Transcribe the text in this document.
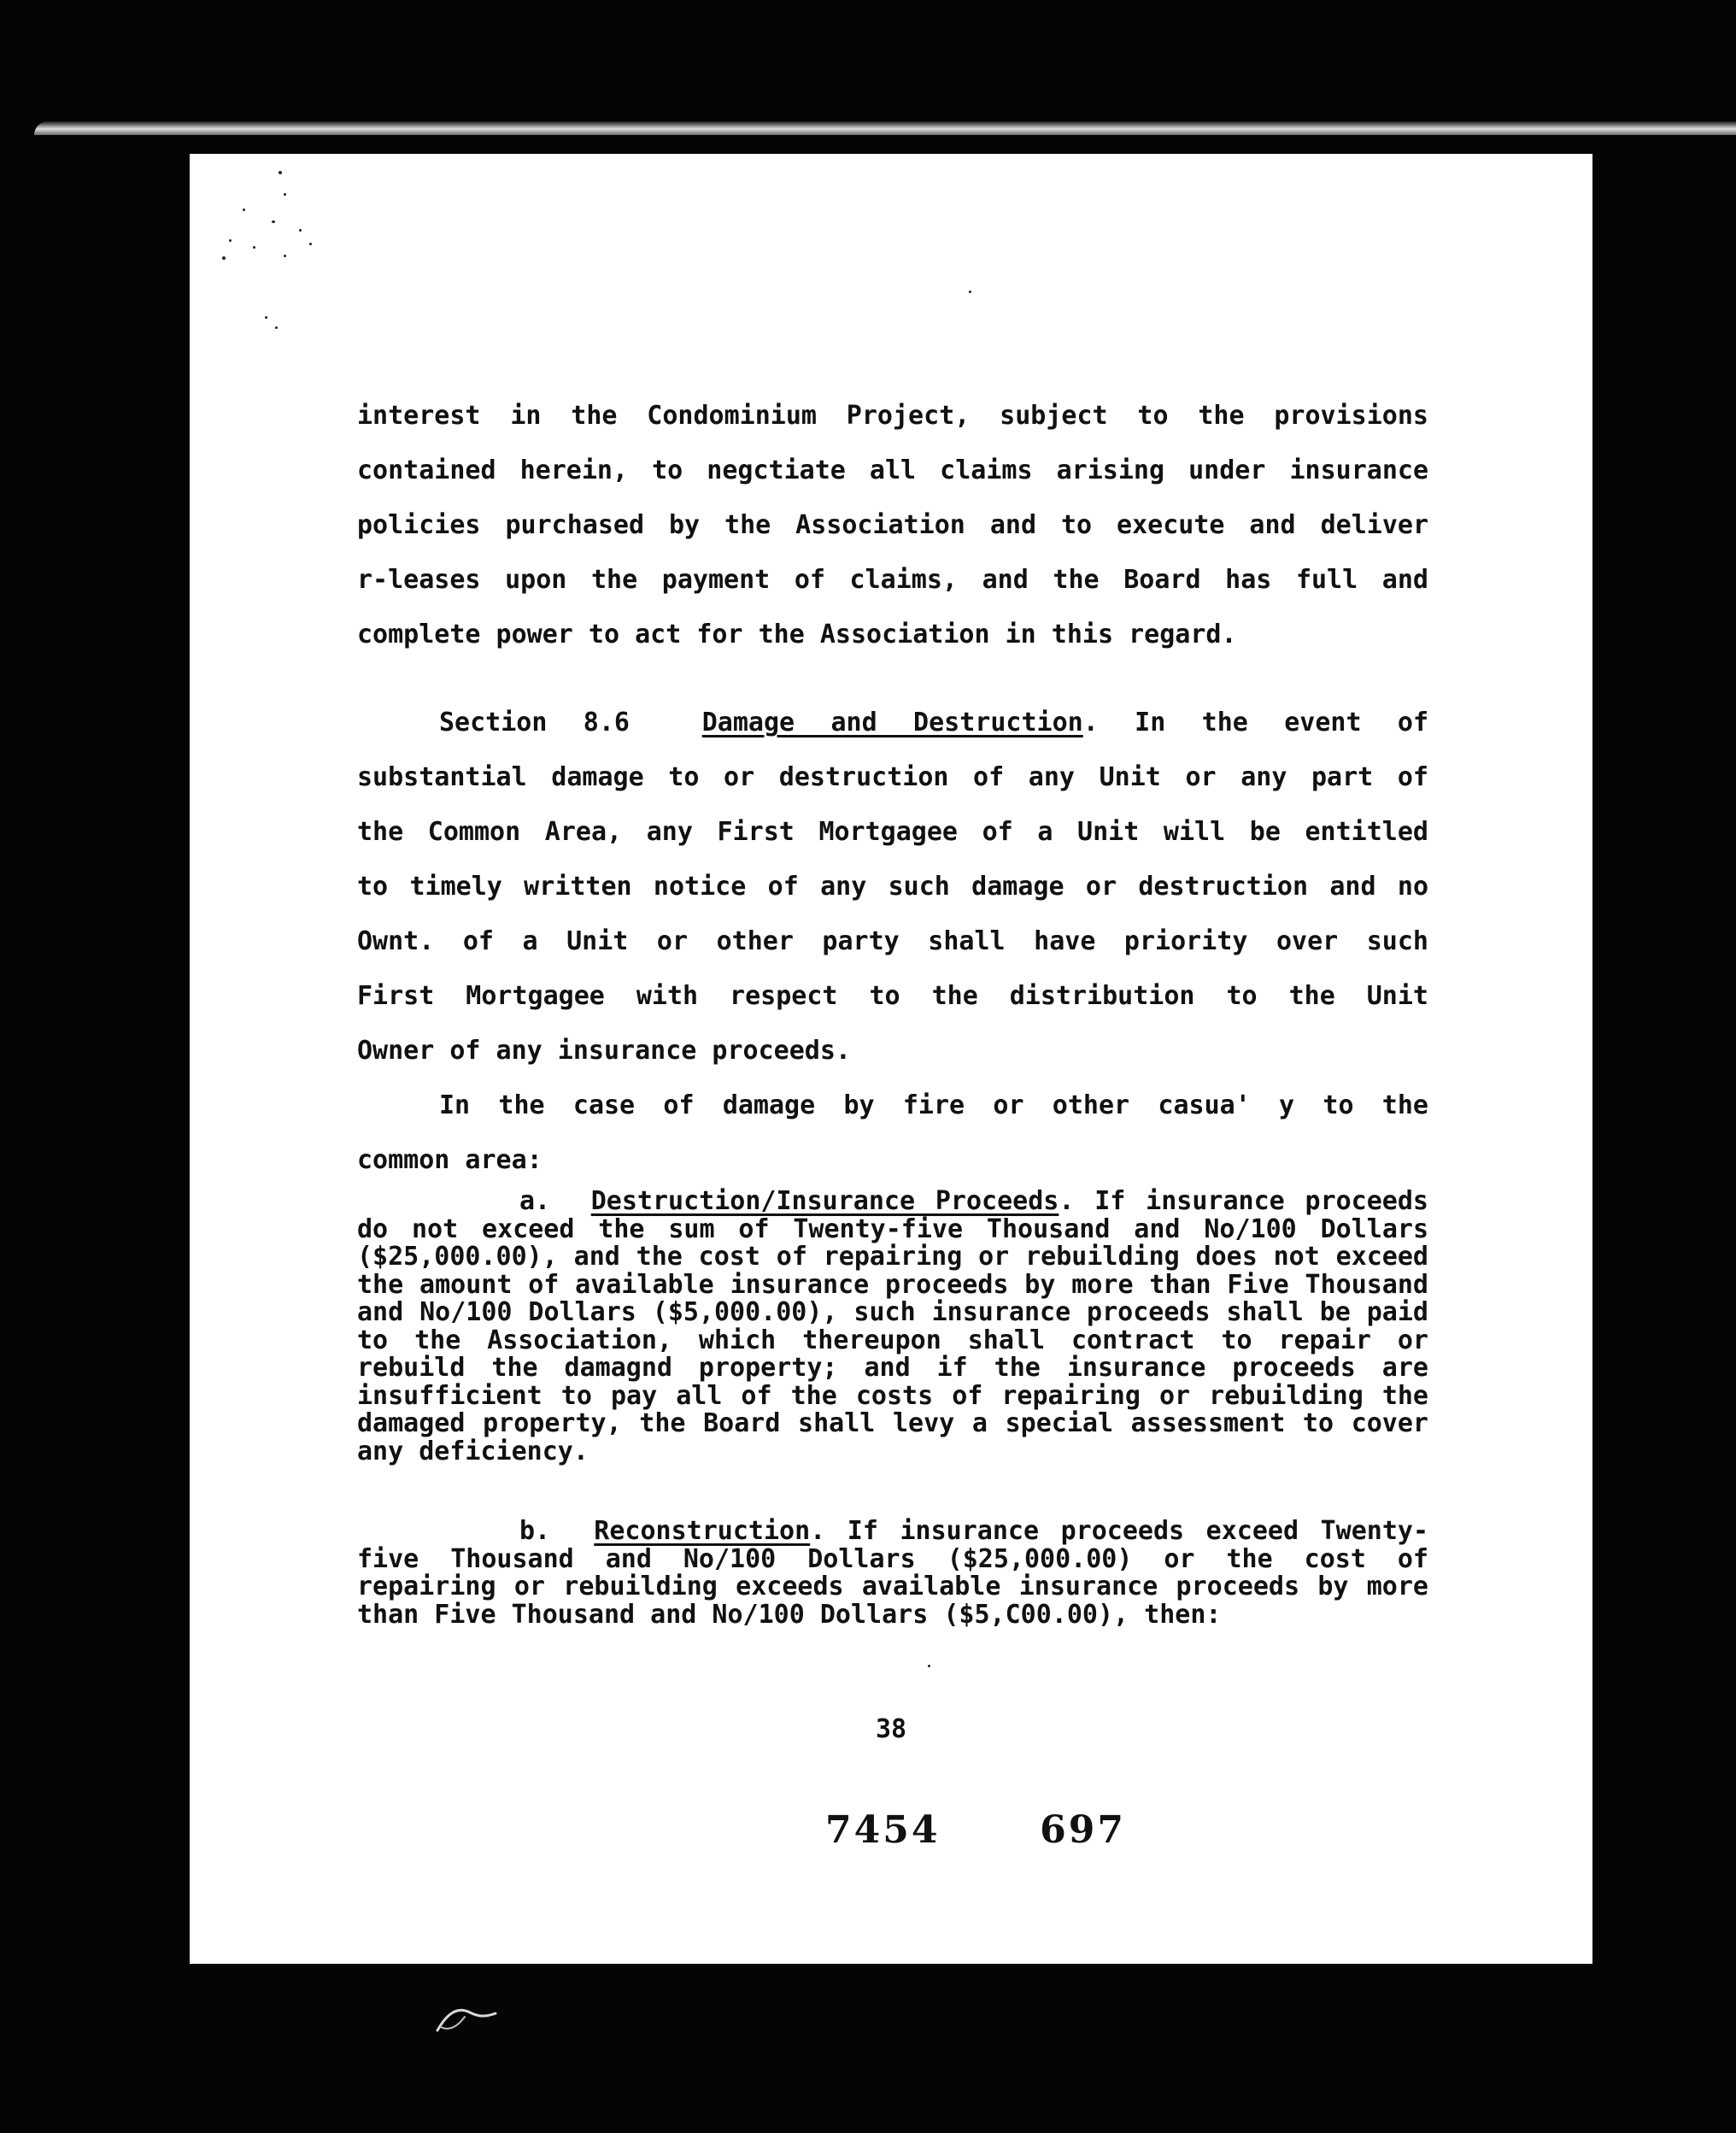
interest in the Condominium Project, subject to the provisions

contained herein, to negctiate all claims arising under insurance

policies purchased by the Association and to execute and deliver

r-leases upon the payment of claims, and the Board has full and

complete power to act for the Association in this regard.

Section 8.6	Damage and Destruction. In the event of

substantial damage to or destruction of any Unit or any part of

the Common Area, any First Mortgagee of a Unit will be entitled

to timely written notice of any such damage or destruction and no

Ownt. of a Unit or other party shall have priority over such

First Mortgagee with respect to the distribution to the Unit

Owner of any insurance proceeds.

In the case of damage by fire or other casua' y to the

common area:

a. Destruction/Insurance Proceeds. If insurance proceeds do not exceed the sum of Twenty-five Thousand and No/100 Dollars ($25,000.00), and the cost of repairing or rebuilding does not exceed the amount of available insurance proceeds by more than Five Thousand and No/100 Dollars ($5,000.00), such insurance proceeds shall be paid to the Association, which thereupon shall contract to repair or rebuild the damagnd property; and if the insurance proceeds are insufficient to pay all of the costs of repairing or rebuilding the damaged property, the Board shall levy a special assessment to cover any deficiency.

b. Reconstruction. If insurance proceeds exceed Twenty-five Thousand and No/100 Dollars ($25,000.00) or the cost of repairing or rebuilding exceeds available insurance proceeds by more than Five Thousand and No/100 Dollars ($5,C00.00), then:

38
7454	697
